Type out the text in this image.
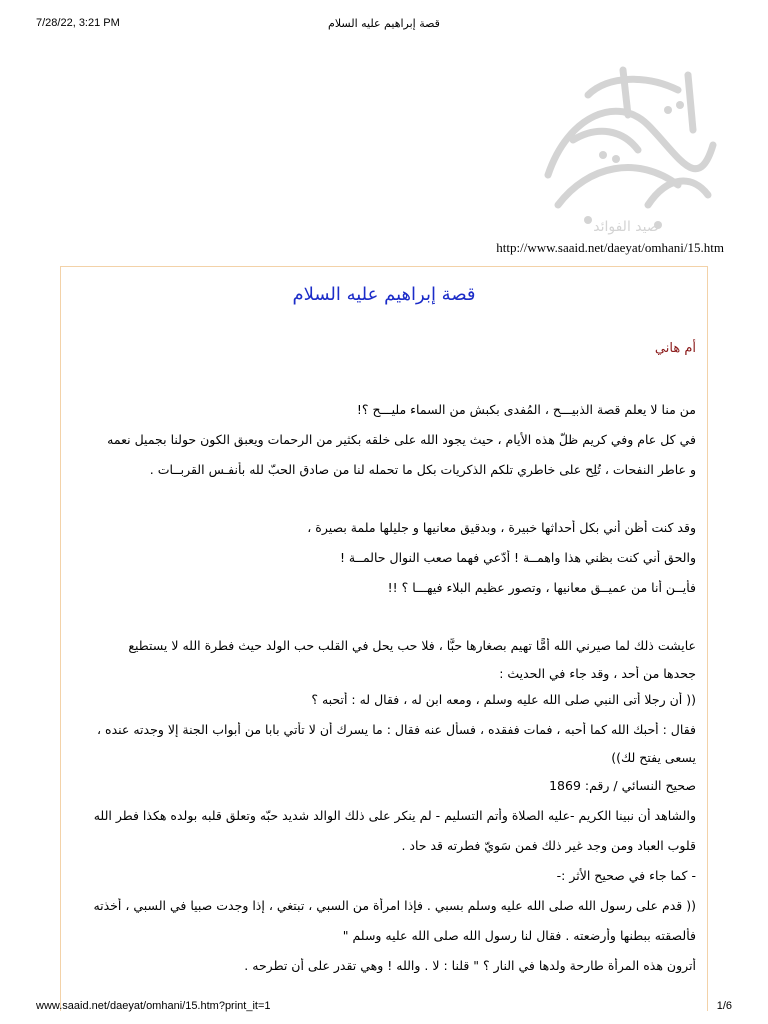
7/28/22, 3:21 PM	قصة إبراهيم عليه السلام
صيد الفوائد
http://www.saaid.net/daeyat/omhani/15.htm
قصة إبراهيم عليه السلام
أم هاني
من منا لا يعلم قصة الذبيـــح ، المُفدى بكبش من السماء مليـــح ؟!
في كل عام وفي كريم ظلّ هذه الأيام ، حيث يجود الله على خلقه بكثير من الرحمات ويعبق الكون حولنا بجميل نعمه
و عاطر النفحات ، تُلِح على خاطري تلكم الذكريات بكل ما تحمله لنا من صادق الحبّ لله بأنفـس القربــات .
وقد كنت أظن أني بكل أحداثها خبيرة ، وبدقيق معانيها و جليلها ملمة بصيرة ،
والحق أني كنت بظني هذا واهمــة ! أدّعي فهما صعب النوال حالمــة !
فأيــن أنا من عميــق معانيها ، وتصور عظيم البلاء فيهـــا ؟ !!
عايشت ذلك لما صيرني الله أمًّا تهيم بصغارها حبًّا ، فلا حب يحل في القلب حب الولد حيث فطرة الله لا يستطيع
جحدها من أحد ، وقد جاء في الحديث :
(( أن رجلا أتى النبي صلى الله عليه وسلم ، ومعه ابن له ، فقال له : أتحبه ؟
فقال : أحبك الله كما أحبه ، فمات ففقده ، فسأل عنه فقال : ما يسرك أن لا تأتي بابا من أبواب الجنة إلا وجدته عنده ،
يسعى يفتح لك))
صحيح النسائي / رقم: 1869
والشاهد أن نبينا الكريم -عليه الصلاة وأتم التسليم - لم ينكر على ذلك الوالد شديد حبّه وتعلق قلبه بولده هكذا فطر الله
قلوب العباد ومن وجد غير ذلك فمن سَويّ فطرته قد حاد .
- كما جاء في صحيح الأثر :-
(( قدم على رسول الله صلى الله عليه وسلم بسبي . فإذا امرأة من السبي ، تبتغي ، إذا وجدت صبيا في السبي ، أخذته
فألصقته ببطنها وأرضعته . فقال لنا رسول الله صلى الله عليه وسلم "
أترون هذه المرأة طارحة ولدها في النار ؟ " قلنا : لا . والله ! وهي تقدر على أن تطرحه .
www.saaid.net/daeyat/omhani/15.htm?print_it=1	1/6
